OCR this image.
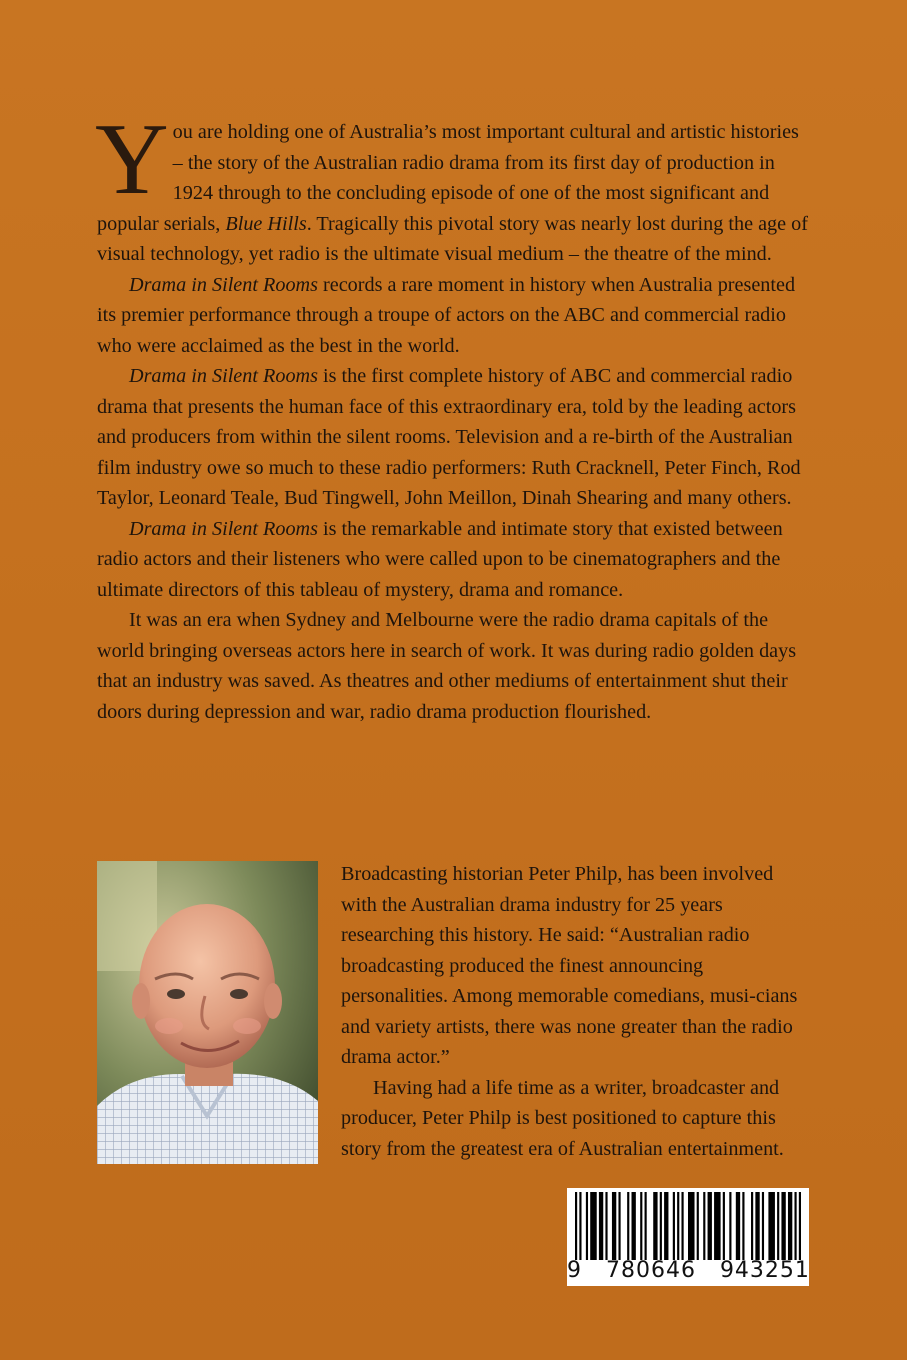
You are holding one of Australia’s most important cultural and artistic histories – the story of the Australian radio drama from its first day of production in 1924 through to the concluding episode of one of the most significant and popular serials, Blue Hills. Tragically this pivotal story was nearly lost during the age of visual technology, yet radio is the ultimate visual medium – the theatre of the mind.

Drama in Silent Rooms records a rare moment in history when Australia presented its premier performance through a troupe of actors on the ABC and commercial radio who were acclaimed as the best in the world.

Drama in Silent Rooms is the first complete history of ABC and commercial radio drama that presents the human face of this extraordinary era, told by the leading actors and producers from within the silent rooms. Television and a re-birth of the Australian film industry owe so much to these radio performers: Ruth Cracknell, Peter Finch, Rod Taylor, Leonard Teale, Bud Tingwell, John Meillon, Dinah Shearing and many others.

Drama in Silent Rooms is the remarkable and intimate story that existed between radio actors and their listeners who were called upon to be cinematographers and the ultimate directors of this tableau of mystery, drama and romance.

It was an era when Sydney and Melbourne were the radio drama capitals of the world bringing overseas actors here in search of work. It was during radio golden days that an industry was saved. As theatres and other mediums of entertainment shut their doors during depression and war, radio drama production flourished.

Broadcasting historian Peter Philp, has been involved with the Australian drama industry for 25 years researching this history. He said: “Australian radio broadcasting produced the finest announcing personalities. Among memorable comedians, musi-cians and variety artists, there was none greater than the radio drama actor.”

Having had a life time as a writer, broadcaster and producer, Peter Philp is best positioned to capture this story from the greatest era of Australian entertainment.

9   780646   943251
